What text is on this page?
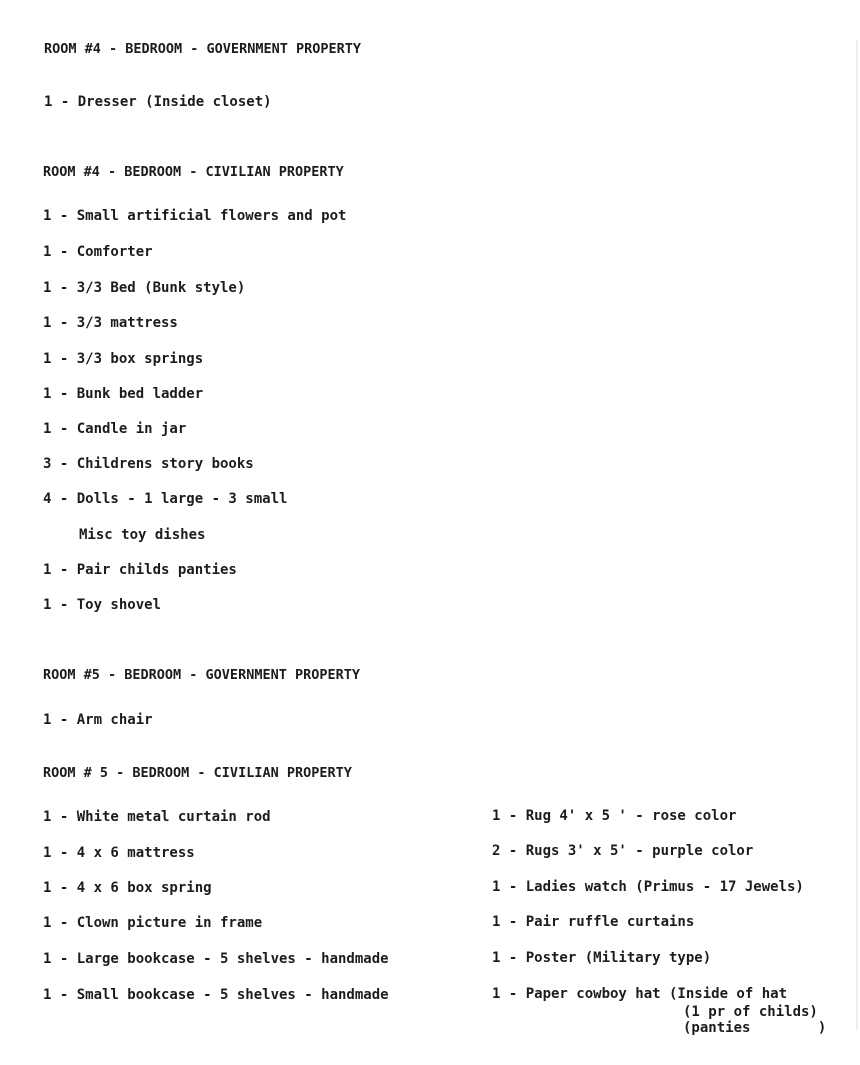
ROOM #4 - BEDROOM - GOVERNMENT PROPERTY
1 - Dresser (Inside closet)
ROOM #4 - BEDROOM - CIVILIAN PROPERTY
1 - Small artificial flowers and pot
1 - Comforter
1 - 3/3 Bed (Bunk style)
1 - 3/3 mattress
1 - 3/3 box springs
1 - Bunk bed ladder
1 - Candle in jar
3 - Childrens story books
4 - Dolls - 1 large - 3 small
Misc toy dishes
1 - Pair childs panties
1 - Toy shovel
ROOM #5 - BEDROOM - GOVERNMENT PROPERTY
1 - Arm chair
ROOM # 5 - BEDROOM - CIVILIAN PROPERTY
1 - White metal curtain rod
1 - 4 x 6 mattress
1 - 4 x 6 box spring
1 - Clown picture in frame
1 - Large bookcase - 5 shelves - handmade
1 - Small bookcase - 5 shelves - handmade
1 - Rug 4' x 5 ' - rose color
2 - Rugs 3' x 5' - purple color
1 - Ladies watch (Primus - 17 Jewels)
1 - Pair ruffle curtains
1 - Poster (Military type)
1 - Paper cowboy hat (Inside of hat
(1 pr of childs)
(panties        )
